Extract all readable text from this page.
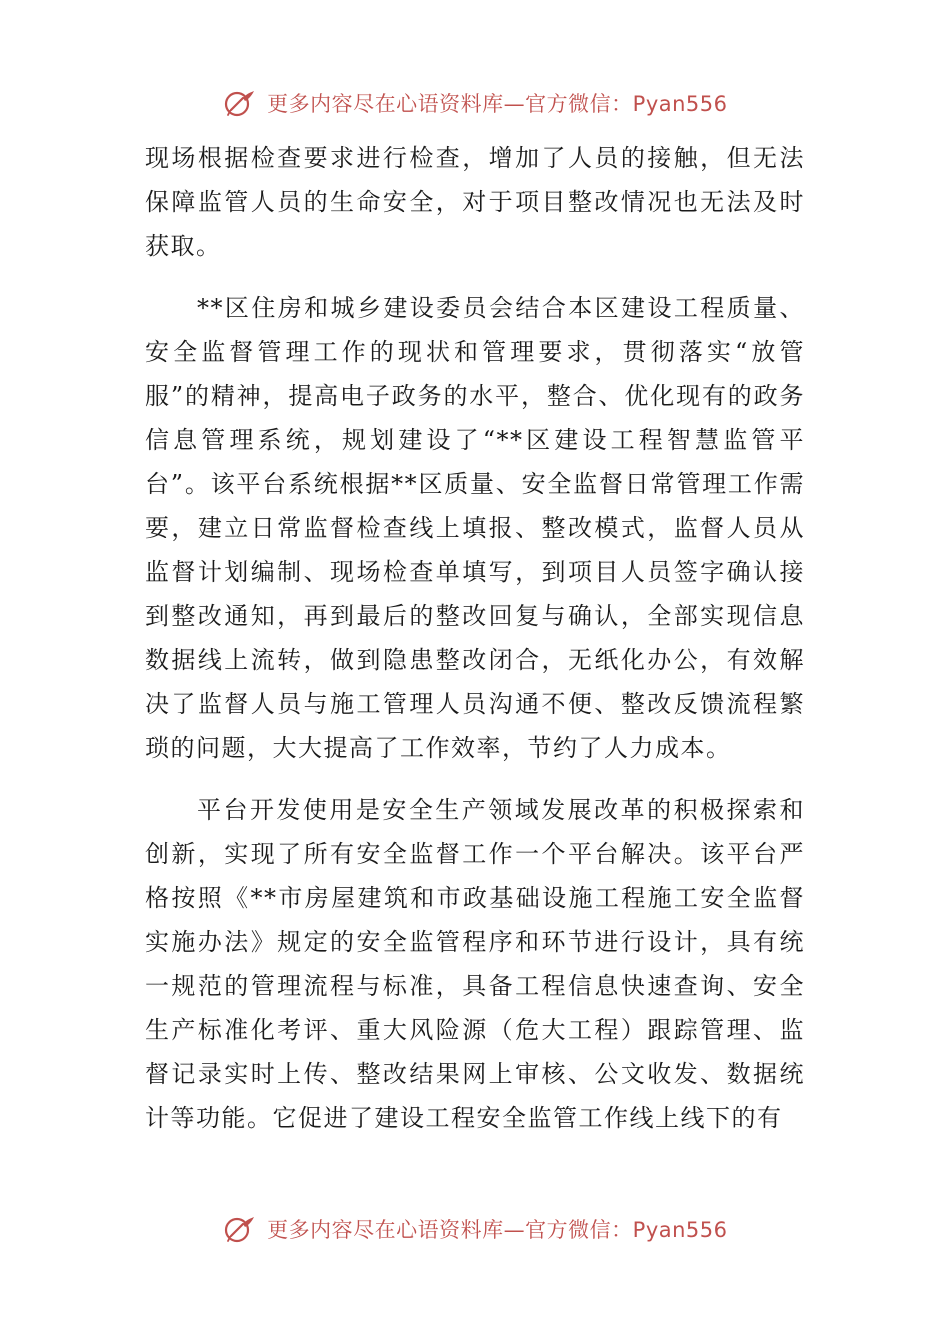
更多内容尽在心语资料库—官方微信：Pyan556

现场根据检查要求进行检查，增加了人员的接触，但无法保障监管人员的生命安全，对于项目整改情况也无法及时获取。

**区住房和城乡建设委员会结合本区建设工程质量、安全监督管理工作的现状和管理要求，贯彻落实“放管服”的精神，提高电子政务的水平，整合、优化现有的政务信息管理系统，规划建设了“**区建设工程智慧监管平台”。该平台系统根据**区质量、安全监督日常管理工作需要，建立日常监督检查线上填报、整改模式，监督人员从监督计划编制、现场检查单填写，到项目人员签字确认接到整改通知，再到最后的整改回复与确认，全部实现信息数据线上流转，做到隐患整改闭合，无纸化办公，有效解决了监督人员与施工管理人员沟通不便、整改反馈流程繁琐的问题，大大提高了工作效率，节约了人力成本。

平台开发使用是安全生产领域发展改革的积极探索和创新，实现了所有安全监督工作一个平台解决。该平台严格按照《**市房屋建筑和市政基础设施工程施工安全监督实施办法》规定的安全监管程序和环节进行设计，具有统一规范的管理流程与标准，具备工程信息快速查询、安全生产标准化考评、重大风险源（危大工程）跟踪管理、监督记录实时上传、整改结果网上审核、公文收发、数据统计等功能。它促进了建设工程安全监管工作线上线下的有

更多内容尽在心语资料库—官方微信：Pyan556
